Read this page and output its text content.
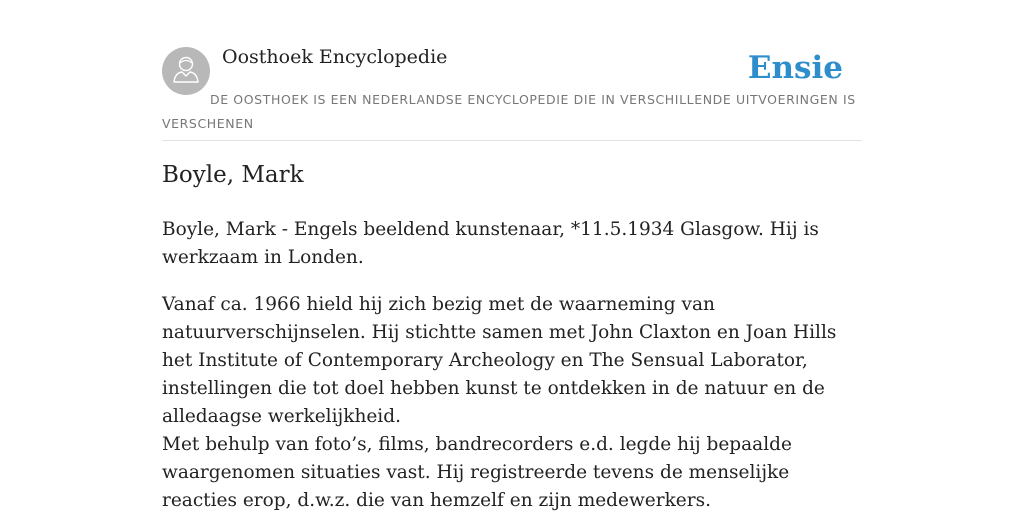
Oosthoek Encyclopedie	Ensie
DE OOSTHOEK IS EEN NEDERLANDSE ENCYCLOPEDIE DIE IN VERSCHILLENDE UITVOERINGEN IS VERSCHENEN
Boyle, Mark

Boyle, Mark - Engels beeldend kunstenaar, *11.5.1934 Glasgow. Hij is werkzaam in Londen.

Vanaf ca. 1966 hield hij zich bezig met de waarneming van natuurverschijnselen. Hij stichtte samen met John Claxton en Joan Hills het Institute of Contemporary Archeology en The Sensual Laborator, instellingen die tot doel hebben kunst te ontdekken in de natuur en de alledaagse werkelijkheid.

Met behulp van foto’s, films, bandrecorders e.d. legde hij bepaalde waargenomen situaties vast. Hij registreerde tevens de menselijke reacties erop, d.w.z. die van hemzelf en zijn medewerkers.
